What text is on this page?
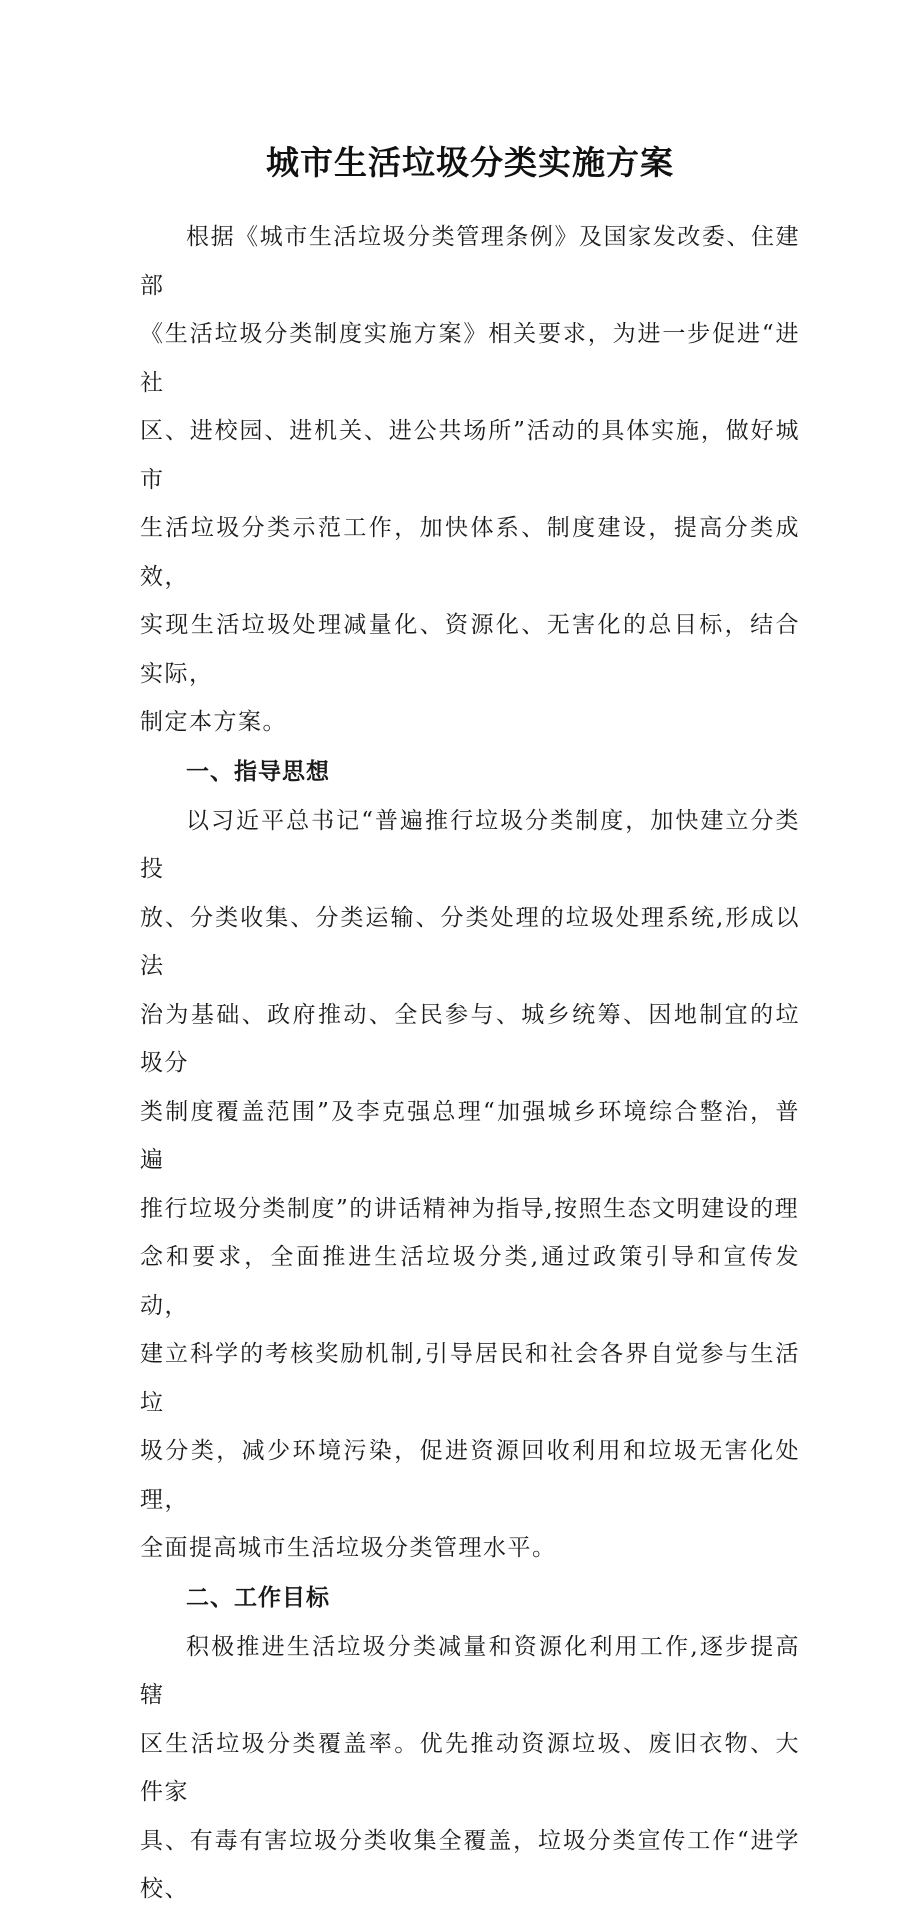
城市生活垃圾分类实施方案

根据《城市生活垃圾分类管理条例》及国家发改委、住建部
《生活垃圾分类制度实施方案》相关要求，为进一步促进“进社
区、进校园、进机关、进公共场所”活动的具体实施，做好城市
生活垃圾分类示范工作，加快体系、制度建设，提高分类成效，
实现生活垃圾处理减量化、资源化、无害化的总目标，结合实际，
制定本方案。

一、指导思想

以习近平总书记“普遍推行垃圾分类制度，加快建立分类投
放、分类收集、分类运输、分类处理的垃圾处理系统,形成以法
治为基础、政府推动、全民参与、城乡统筹、因地制宜的垃圾分
类制度覆盖范围”及李克强总理“加强城乡环境综合整治，普遍
推行垃圾分类制度”的讲话精神为指导,按照生态文明建设的理
念和要求，全面推进生活垃圾分类,通过政策引导和宣传发动，
建立科学的考核奖励机制,引导居民和社会各界自觉参与生活垃
圾分类，减少环境污染，促进资源回收利用和垃圾无害化处理，
全面提高城市生活垃圾分类管理水平。

二、工作目标

积极推进生活垃圾分类减量和资源化利用工作,逐步提高辖
区生活垃圾分类覆盖率。优先推动资源垃圾、废旧衣物、大件家
具、有毒有害垃圾分类收集全覆盖，垃圾分类宣传工作“进学校、
